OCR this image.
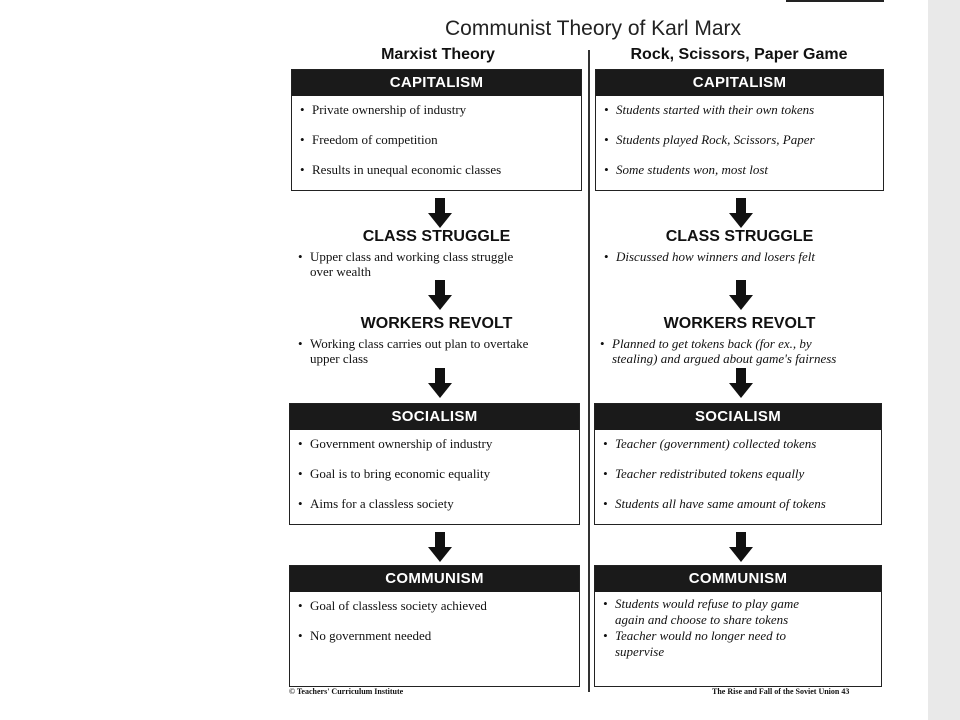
Communist Theory of Karl Marx
Marxist Theory
CAPITALISM
• Private ownership of industry
• Freedom of competition
• Results in unequal economic classes
CLASS STRUGGLE
• Upper class and working class struggle
over wealth
WORKERS REVOLT
• Working class carries out plan to overtake
upper class
SOCIALISM
• Government ownership of industry
• Goal is to bring economic equality
• Aims for a classless society
COMMUNISM
• Goal of classless society achieved
• No government needed
Rock, Scissors, Paper Game
CAPITALISM
• Students started with their own tokens
• Students played Rock, Scissors, Paper
• Some students won, most lost
CLASS STRUGGLE
• Discussed how winners and losers felt
WORKERS REVOLT
• Planned to get tokens back (for ex., by
stealing) and argued about game's fairness
SOCIALISM
• Teacher (government) collected tokens
• Teacher redistributed tokens equally
• Students all have same amount of tokens
COMMUNISM
• Students would refuse to play game
again and choose to share tokens
• Teacher would no longer need to
supervise
© Teachers' Curriculum Institute	The Rise and Fall of the Soviet Union 43
